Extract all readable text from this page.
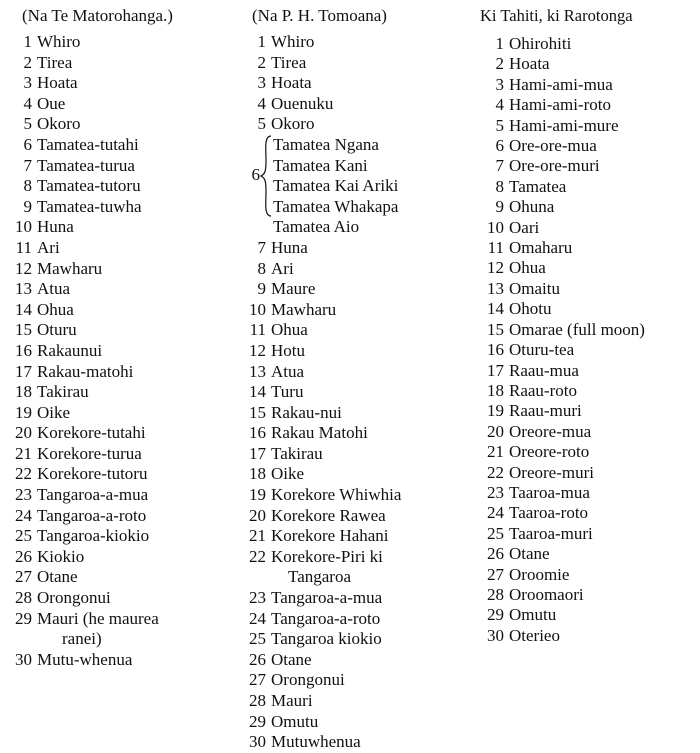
(Na Te Matorohanga.)
1 Whiro
2 Tirea
3 Hoata
4 Oue
5 Okoro
6 Tamatea-tutahi
7 Tamatea-turua
8 Tamatea-tutoru
9 Tamatea-tuwha
10 Huna
11 Ari
12 Mawharu
13 Atua
14 Ohua
15 Oturu
16 Rakaunui
17 Rakau-matohi
18 Takirau
19 Oike
20 Korekore-tutahi
21 Korekore-turua
22 Korekore-tutoru
23 Tangaroa-a-mua
24 Tangaroa-a-roto
25 Tangaroa-kiokio
26 Kiokio
27 Otane
28 Orongonui
29 Mauri (he maurea
ranei)
30 Mutu-whenua
(Na P. H. Tomoana)
1 Whiro
2 Tirea
3 Hoata
4 Ouenuku
5 Okoro
6
Tamatea Ngana
Tamatea Kani
Tamatea Kai Ariki
Tamatea Whakapa
Tamatea Aio
7 Huna
8 Ari
9 Maure
10 Mawharu
11 Ohua
12 Hotu
13 Atua
14 Turu
15 Rakau-nui
16 Rakau Matohi
17 Takirau
18 Oike
19 Korekore Whiwhia
20 Korekore Rawea
21 Korekore Hahani
22 Korekore-Piri ki
Tangaroa
23 Tangaroa-a-mua
24 Tangaroa-a-roto
25 Tangaroa kiokio
26 Otane
27 Orongonui
28 Mauri
29 Omutu
30 Mutuwhenua
Ki Tahiti, ki Rarotonga
1 Ohirohiti
2 Hoata
3 Hami-ami-mua
4 Hami-ami-roto
5 Hami-ami-mure
6 Ore-ore-mua
7 Ore-ore-muri
8 Tamatea
9 Ohuna
10 Oari
11 Omaharu
12 Ohua
13 Omaitu
14 Ohotu
15 Omarae (full moon)
16 Oturu-tea
17 Raau-mua
18 Raau-roto
19 Raau-muri
20 Oreore-mua
21 Oreore-roto
22 Oreore-muri
23 Taaroa-mua
24 Taaroa-roto
25 Taaroa-muri
26 Otane
27 Oroomie
28 Oroomaori
29 Omutu
30 Oterieo
